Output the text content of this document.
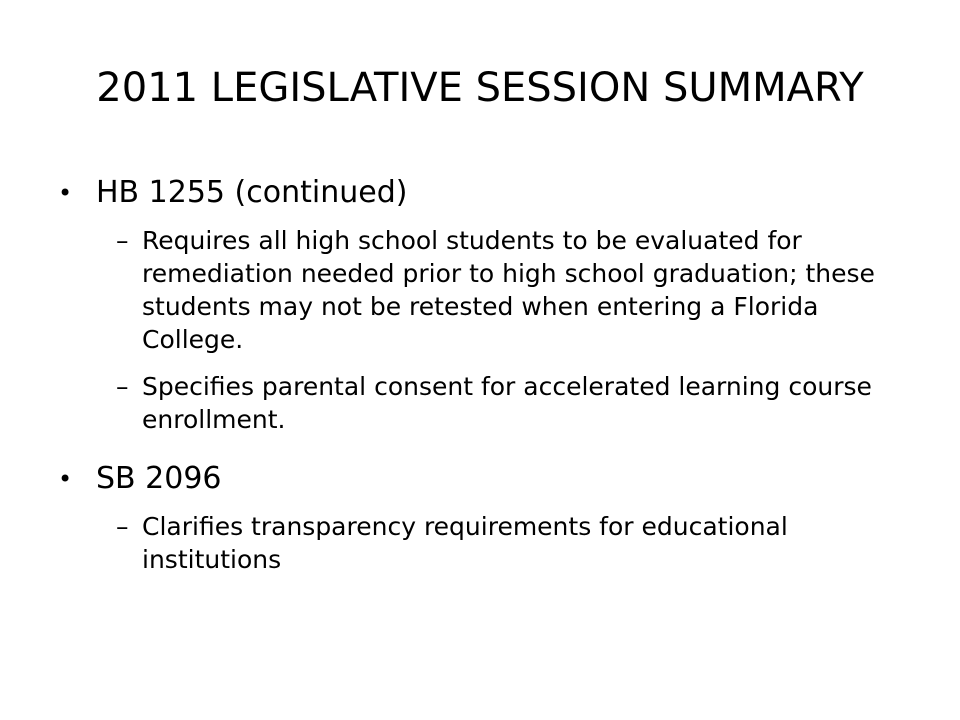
2011 LEGISLATIVE SESSION SUMMARY
• HB 1255 (continued)
– Requires all high school students to be evaluated for remediation needed prior to high school graduation; these students may not be retested when entering a Florida College.
– Specifies parental consent for accelerated learning course enrollment.
• SB 2096
– Clarifies transparency requirements for educational institutions
